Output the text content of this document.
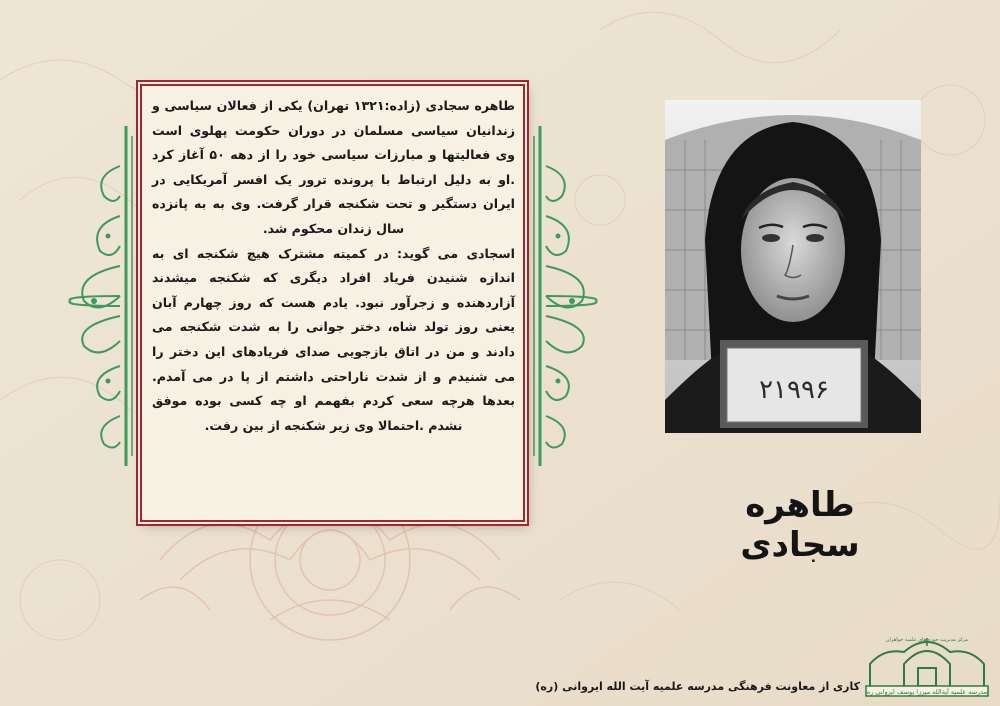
طاهره سجادی (زاده:۱۳۲۱ تهران) یکی از فعالان سیاسی و زندانیان سیاسی مسلمان در دوران حکومت پهلوی است وی فعالیتها و مبارزات سیاسی خود را از دهه ۵۰ آغاز کرد .او به دلیل ارتباط با پرونده ترور یک افسر آمریکایی در ایران دستگیر و تحت شکنجه قرار گرفت. وی به به پانزده سال زندان محکوم شد.

اسجادی می گوید: در کمیته مشترک هیچ شکنجه ای به اندازه شنیدن فریاد افراد دیگری که شکنجه میشدند آزاردهنده و زجرآور نبود. یادم هست که روز چهارم آبان یعنی روز تولد شاه، دختر جوانی را به شدت شکنجه می دادند و من در اتاق بازجویی صدای فریادهای این دختر را می شنیدم و از شدت ناراحتی داشتم از پا در می آمدم. بعدها هرچه سعی کردم بفهمم او چه کسی بوده موفق نشدم .احتمالا وی زیر شکنجه از بین رفت.

۲۱۹۹۶
طاهره سجادی
کاری از معاونت فرهنگی مدرسه علمیه آیت الله ایروانی (ره)
مرکز مدیریت حوزه های علمیه خواهران
مدرسه علمیه آیة‌الله میرزا یوسف ایروانی ره
